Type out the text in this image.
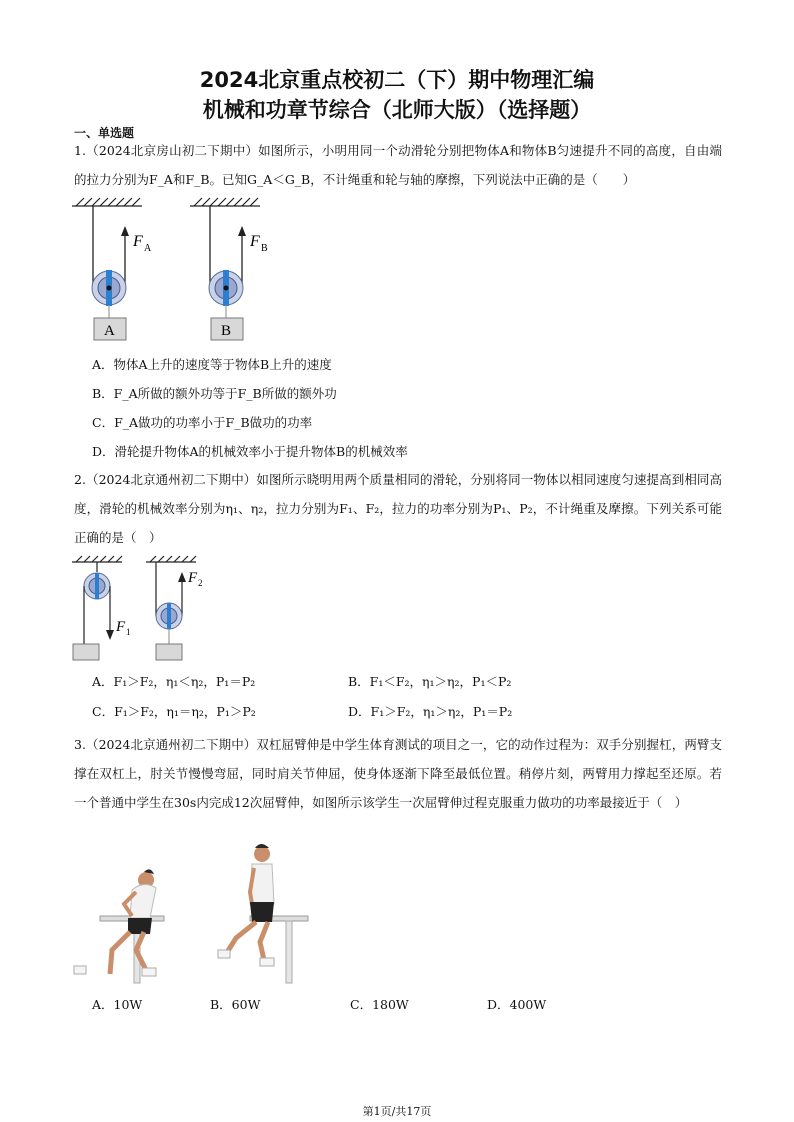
2024北京重点校初二（下）期中物理汇编
机械和功章节综合（北师大版）（选择题）
一、单选题
1.（2024北京房山初二下期中）如图所示，小明用同一个动滑轮分别把物体A和物体B匀速提升不同的高度，自由端的拉力分别为F_A和F_B。已知G_A＜G_B，不计绳重和轮与轴的摩擦，下列说法中正确的是（　　）
F A
A
F B
B
A．物体A上升的速度等于物体B上升的速度
B．F_A所做的额外功等于F_B所做的额外功
C．F_A做功的功率小于F_B做功的功率
D．滑轮提升物体A的机械效率小于提升物体B的机械效率
2.（2024北京通州初二下期中）如图所示晓明用两个质量相同的滑轮，分别将同一物体以相同速度匀速提高到相同高度，滑轮的机械效率分别为η₁、η₂，拉力分别为F₁、F₂，拉力的功率分别为P₁、P₂，不计绳重及摩擦。下列关系可能正确的是（　）
F 1
F 2
A．F₁＞F₂，η₁＜η₂，P₁＝P₂	B．F₁＜F₂，η₁＞η₂，P₁＜P₂
C．F₁＞F₂，η₁＝η₂，P₁＞P₂	D．F₁＞F₂，η₁＞η₂，P₁＝P₂
3.（2024北京通州初二下期中）双杠屈臂伸是中学生体育测试的项目之一，它的动作过程为：双手分别握杠，两臂支撑在双杠上，肘关节慢慢弯屈，同时肩关节伸屈，使身体逐渐下降至最低位置。稍停片刻，两臂用力撑起至还原。若一个普通中学生在30s内完成12次屈臂伸，如图所示该学生一次屈臂伸过程克服重力做功的功率最接近于（　）
A．10W	B．60W	C．180W	D．400W
第1页/共17页
